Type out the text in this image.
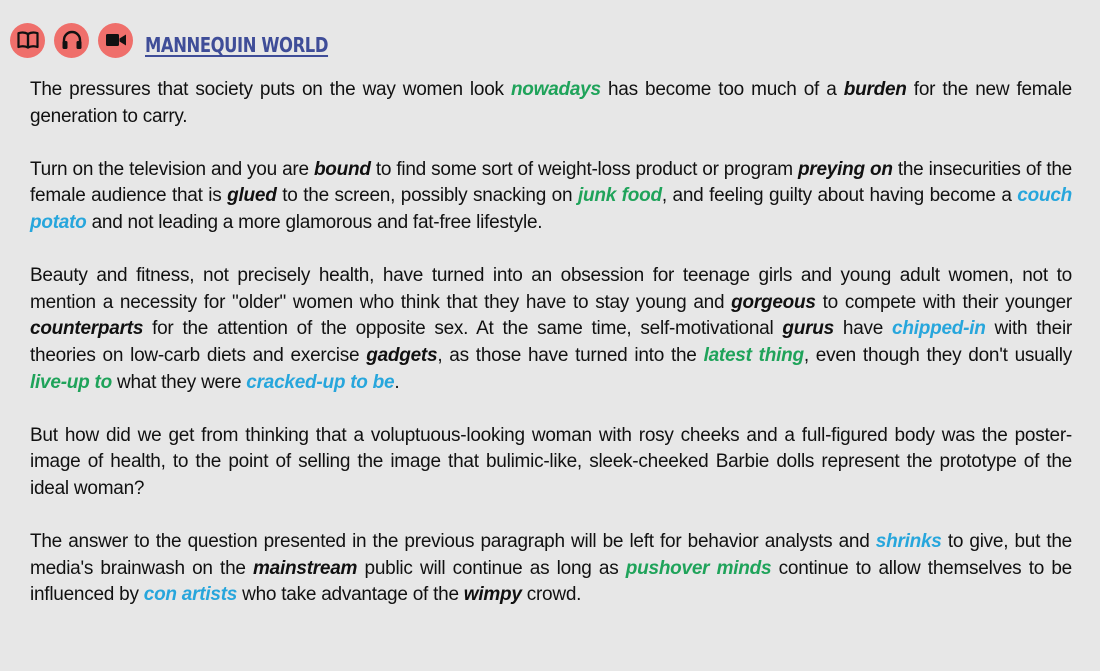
MANNEQUIN WORLD

The pressures that society puts on the way women look nowadays has become too much of a burden for the new female generation to carry.

Turn on the television and you are bound to find some sort of weight-loss product or program preying on the insecurities of the female audience that is glued to the screen, possibly snacking on junk food, and feeling guilty about having become a couch potato and not leading a more glamorous and fat-free lifestyle.

Beauty and fitness, not precisely health, have turned into an obsession for teenage girls and young adult women, not to mention a necessity for "older" women who think that they have to stay young and gorgeous to compete with their younger counterparts for the attention of the opposite sex. At the same time, self-motivational gurus have chipped-in with their theories on low-carb diets and exercise gadgets, as those have turned into the latest thing, even though they don't usually live-up to what they were cracked-up to be.

But how did we get from thinking that a voluptuous-looking woman with rosy cheeks and a full-figured body was the poster-image of health, to the point of selling the image that bulimic-like, sleek-cheeked Barbie dolls represent the prototype of the ideal woman?

The answer to the question presented in the previous paragraph will be left for behavior analysts and shrinks to give, but the media's brainwash on the mainstream public will continue as long as pushover minds continue to allow themselves to be influenced by con artists who take advantage of the wimpy crowd.
